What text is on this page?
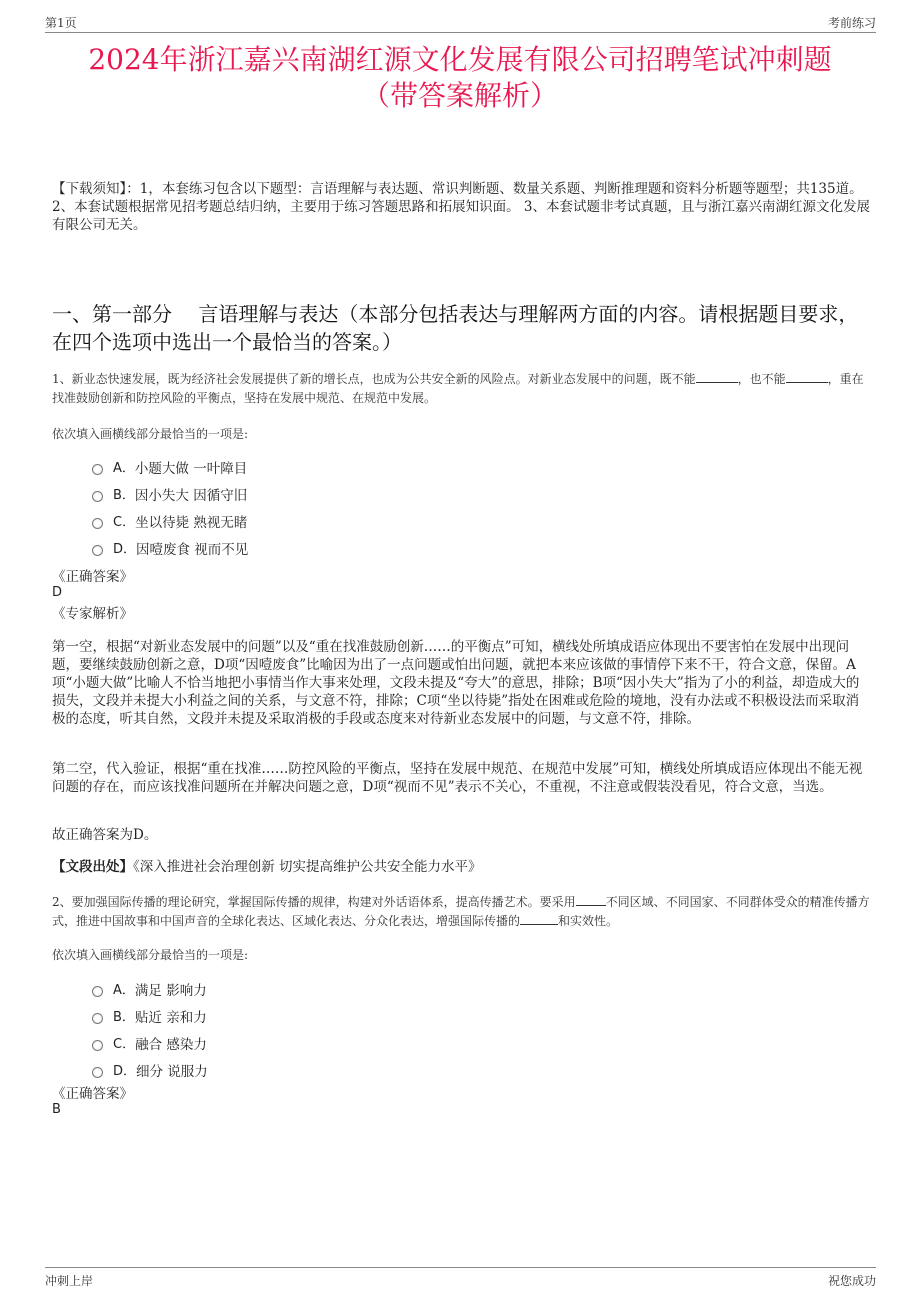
第1页	考前练习
2024年浙江嘉兴南湖红源文化发展有限公司招聘笔试冲刺题
（带答案解析）
【下载须知】：1，本套练习包含以下题型：言语理解与表达题、常识判断题、数量关系题、判断推理题和资料分析题等题型；共135道。 2、本套试题根据常见招考题总结归纳，主要用于练习答题思路和拓展知识面。 3、本套试题非考试真题，且与浙江嘉兴南湖红源文化发展有限公司无关。
一、第一部分　 言语理解与表达（本部分包括表达与理解两方面的内容。请根据题目要求，在四个选项中选出一个最恰当的答案。）
1、新业态快速发展，既为经济社会发展提供了新的增长点，也成为公共安全新的风险点。对新业态发展中的问题，既不能	，也不能	，重在找准鼓励创新和防控风险的平衡点，坚持在发展中规范、在规范中发展。
依次填入画横线部分最恰当的一项是:
A． 小题大做 一叶障目
B． 因小失大 因循守旧
C． 坐以待毙 熟视无睹
D． 因噎废食 视而不见
《正确答案》
D
《专家解析》
第一空，根据“对新业态发展中的问题”以及“重在找准鼓励创新……的平衡点”可知，横线处所填成语应体现出不要害怕在发展中出现问题，要继续鼓励创新之意，D项“因噎废食”比喻因为出了一点问题或怕出问题，就把本来应该做的事情停下来不干，符合文意，保留。A项“小题大做”比喻人不恰当地把小事情当作大事来处理，文段未提及“夸大”的意思，排除；B项“因小失大”指为了小的利益，却造成大的损失，文段并未提大小利益之间的关系，与文意不符，排除；C项“坐以待毙”指处在困难或危险的境地，没有办法或不积极设法而采取消极的态度，听其自然，文段并未提及采取消极的手段或态度来对待新业态发展中的问题，与文意不符，排除。
第二空，代入验证，根据“重在找准……防控风险的平衡点，坚持在发展中规范、在规范中发展”可知，横线处所填成语应体现出不能无视问题的存在，而应该找准问题所在并解决问题之意，D项“视而不见”表示不关心，不重视，不注意或假装没看见，符合文意，当选。
故正确答案为D。
【文段出处】《深入推进社会治理创新 切实提高维护公共安全能力水平》
2、要加强国际传播的理论研究，掌握国际传播的规律，构建对外话语体系，提高传播艺术。要采用	不同区域、不同国家、不同群体受众的精准传播方式，推进中国故事和中国声音的全球化表达、区域化表达、分众化表达，增强国际传播的	和实效性。
依次填入画横线部分最恰当的一项是:
A． 满足 影响力
B． 贴近 亲和力
C． 融合 感染力
D． 细分 说服力
《正确答案》
B
冲刺上岸	祝您成功
